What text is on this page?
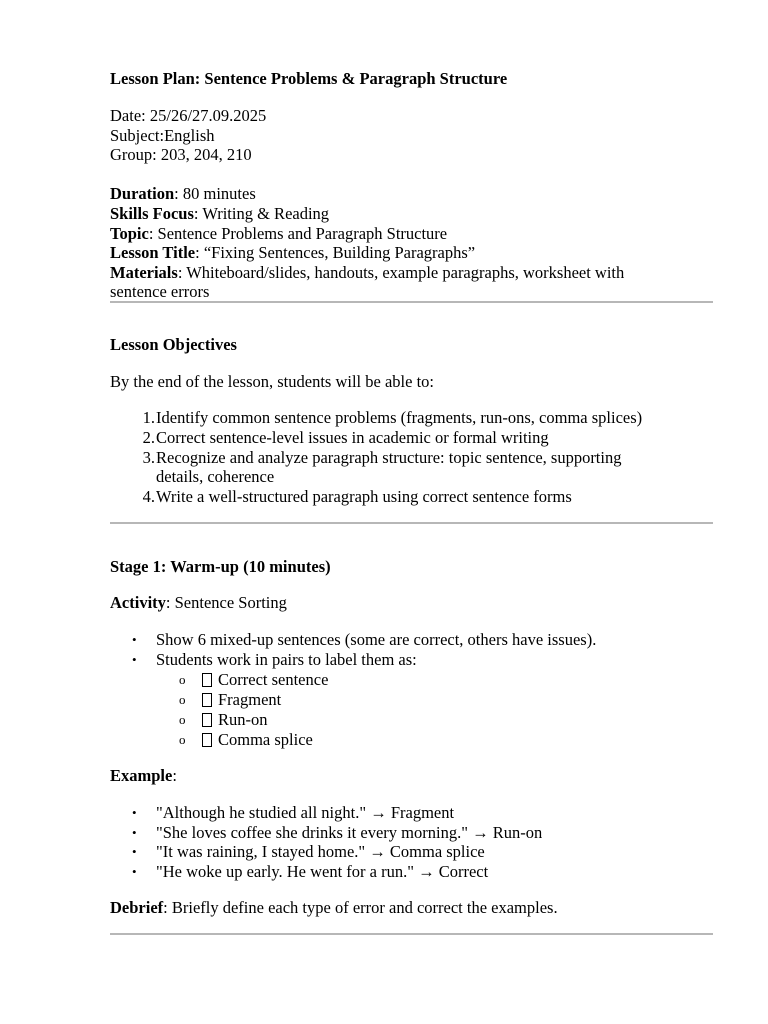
Lesson Plan: Sentence Problems & Paragraph Structure
Date: 25/26/27.09.2025
Subject:English
Group: 203, 204, 210
Duration: 80 minutes
Skills Focus: Writing & Reading
Topic: Sentence Problems and Paragraph Structure
Lesson Title: “Fixing Sentences, Building Paragraphs”
Materials: Whiteboard/slides, handouts, example paragraphs, worksheet with
sentence errors
Lesson Objectives
By the end of the lesson, students will be able to:
1. Identify common sentence problems (fragments, run-ons, comma splices)
2. Correct sentence-level issues in academic or formal writing
3. Recognize and analyze paragraph structure: topic sentence, supporting
details, coherence
4. Write a well-structured paragraph using correct sentence forms
Stage 1: Warm-up (10 minutes)
Activity: Sentence Sorting
• Show 6 mixed-up sentences (some are correct, others have issues).
• Students work in pairs to label them as:
o	Correct sentence
o	Fragment
o	Run-on
o	Comma splice
Example:
• "Although he studied all night." → Fragment
• "She loves coffee she drinks it every morning." → Run-on
• "It was raining, I stayed home." → Comma splice
• "He woke up early. He went for a run." → Correct
Debrief: Briefly define each type of error and correct the examples.
